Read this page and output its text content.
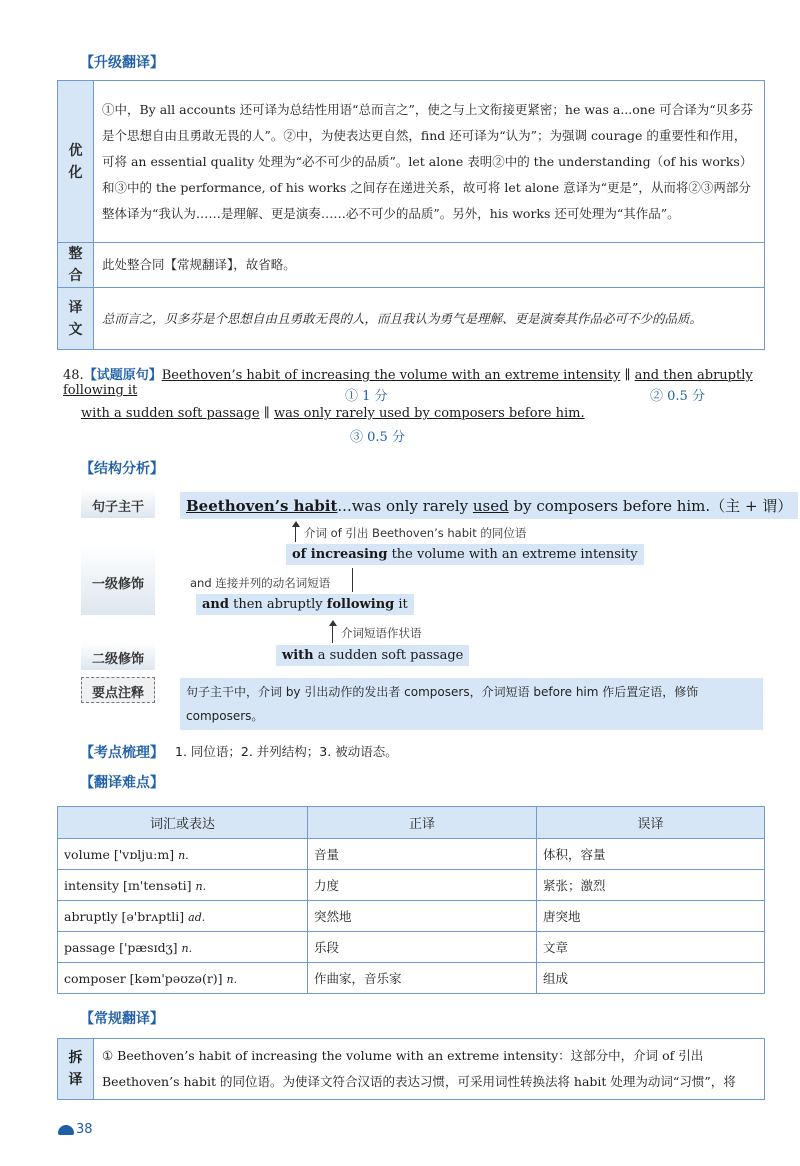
【升级翻译】
优
化	①中，By all accounts 还可译为总结性用语“总而言之”，使之与上文衔接更紧密；he was a...one 可合译为“贝多芬是个思想自由且勇敢无畏的人”。②中，为使表达更自然，find 还可译为“认为”；为强调 courage 的重要性和作用，可将 an essential quality 处理为“必不可少的品质”。let alone 表明②中的 the understanding（of his works）和③中的 the performance, of his works 之间存在递进关系，故可将 let alone 意译为“更是”，从而将②③两部分整体译为“我认为……是理解、更是演奏……必不可少的品质”。另外，his works 还可处理为“其作品”。
整
合	此处整合同【常规翻译】，故省略。
译
文	总而言之，贝多芬是个思想自由且勇敢无畏的人，而且我认为勇气是理解、更是演奏其作品必可不少的品质。
48.【试题原句】Beethoven’s habit of increasing the volume with an extreme intensity ∥ and then abruptly following it	① 1 分	② 0.5 分
with a sudden soft passage ∥ was only rarely used by composers before him.
③ 0.5 分
【结构分析】
句子主干	Beethoven’s habit...was only rarely used by composers before him.（主 + 谓）
介词 of 引出 Beethoven’s habit 的同位语
of increasing the volume with an extreme intensity
一级修饰	and 连接并列的动名词短语
and then abruptly following it
介词短语作状语
二级修饰	with a sudden soft passage
要点注释	句子主干中，介词 by 引出动作的发出者 composers，介词短语 before him 作后置定语，修饰 composers。
【考点梳理】 1. 同位语；2. 并列结构；3. 被动语态。
【翻译难点】
词汇或表达	正译	误译
volume ['vɒljuːm] n.	音量	体积，容量
intensity [ɪn'tensəti] n.	力度	紧张；激烈
abruptly [ə'brʌptli] ad.	突然地	唐突地
passage ['pæsɪdʒ] n.	乐段	文章
composer [kəm'pəʊzə(r)] n.	作曲家，音乐家	组成
【常规翻译】
拆
译	① Beethoven’s habit of increasing the volume with an extreme intensity：这部分中，介词 of 引出 Beethoven’s habit 的同位语。为使译文符合汉语的表达习惯，可采用词性转换法将 habit 处理为动词“习惯”，将
38
